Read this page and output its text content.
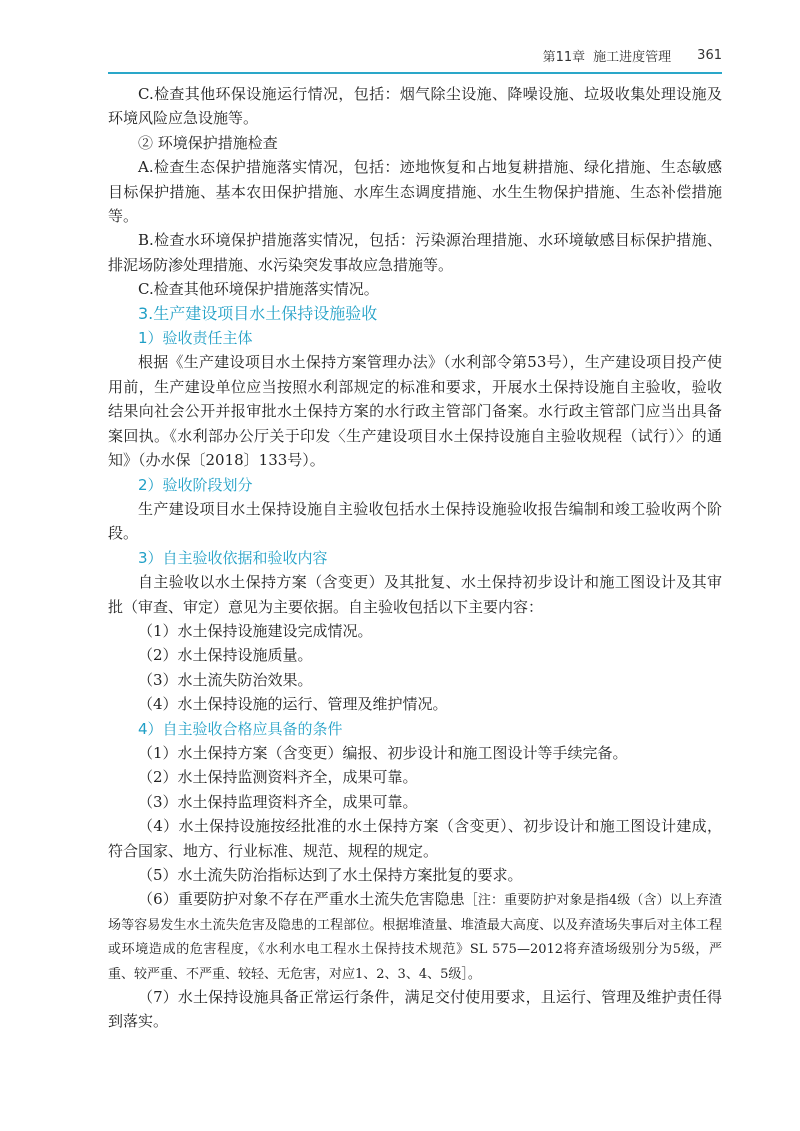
第11章 施工进度管理 361

C.检查其他环保设施运行情况，包括：烟气除尘设施、降噪设施、垃圾收集处理设施及环境风险应急设施等。

② 环境保护措施检查

A.检查生态保护措施落实情况，包括：迹地恢复和占地复耕措施、绿化措施、生态敏感目标保护措施、基本农田保护措施、水库生态调度措施、水生生物保护措施、生态补偿措施等。

B.检查水环境保护措施落实情况，包括：污染源治理措施、水环境敏感目标保护措施、排泥场防渗处理措施、水污染突发事故应急措施等。

C.检查其他环境保护措施落实情况。

3.生产建设项目水土保持设施验收

1）验收责任主体

根据《生产建设项目水土保持方案管理办法》（水利部令第53号），生产建设项目投产使用前，生产建设单位应当按照水利部规定的标准和要求，开展水土保持设施自主验收，验收结果向社会公开并报审批水土保持方案的水行政主管部门备案。水行政主管部门应当出具备案回执。《水利部办公厅关于印发〈生产建设项目水土保持设施自主验收规程（试行）〉的通知》（办水保〔2018〕133号）。

2）验收阶段划分

生产建设项目水土保持设施自主验收包括水土保持设施验收报告编制和竣工验收两个阶段。

3）自主验收依据和验收内容

自主验收以水土保持方案（含变更）及其批复、水土保持初步设计和施工图设计及其审批（审查、审定）意见为主要依据。自主验收包括以下主要内容：

（1）水土保持设施建设完成情况。

（2）水土保持设施质量。

（3）水土流失防治效果。

（4）水土保持设施的运行、管理及维护情况。

4）自主验收合格应具备的条件

（1）水土保持方案（含变更）编报、初步设计和施工图设计等手续完备。

（2）水土保持监测资料齐全，成果可靠。

（3）水土保持监理资料齐全，成果可靠。

（4）水土保持设施按经批准的水土保持方案（含变更）、初步设计和施工图设计建成，符合国家、地方、行业标准、规范、规程的规定。

（5）水土流失防治指标达到了水土保持方案批复的要求。

（6）重要防护对象不存在严重水土流失危害隐患［注：重要防护对象是指4级（含）以上弃渣场等容易发生水土流失危害及隐患的工程部位。根据堆渣量、堆渣最大高度、以及弃渣场失事后对主体工程或环境造成的危害程度，《水利水电工程水土保持技术规范》SL 575—2012将弃渣场级别分为5级，严重、较严重、不严重、较轻、无危害，对应1、2、3、4、5级］。

（7）水土保持设施具备正常运行条件，满足交付使用要求，且运行、管理及维护责任得到落实。
